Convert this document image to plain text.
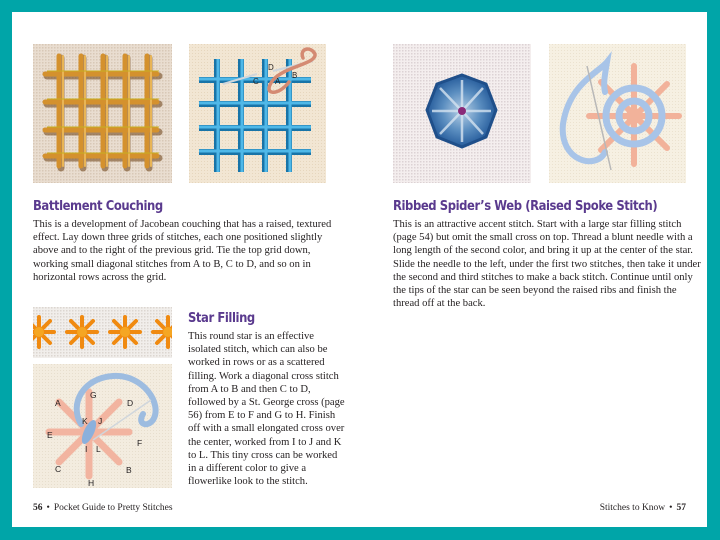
D
C A
B
Battlement Couching

This is a development of Jacobean couching that has a raised, textured effect. Lay down three grids of stitches, each one positioned slightly above and to the right of the previous grid. Tie the top grid down, working small diagonal stitches from A to B, C to D, and so on in horizontal rows across the grid.

G
A	D
K J
E
F
I L
C	B
H
Star Filling

This round star is an effective isolated stitch, which can also be worked in rows or as a scattered filling. Work a diagonal cross stitch from A to B and then C to D, followed by a St. George cross (page 56) from E to F and G to H. Finish off with a small elongated cross over the center, worked from I to J and K to L. This tiny cross can be worked in a different color to give a flowerlike look to the stitch.

56 • Pocket Guide to Pretty Stitches
Ribbed Spider’s Web (Raised Spoke Stitch)

This is an attractive accent stitch. Start with a large star filling stitch (page 54) but omit the small cross on top. Thread a blunt needle with a long length of the second color, and bring it up at the center of the star. Slide the needle to the left, under the first two stitches, then take it under the second and third stitches to make a back stitch. Continue until only the tips of the star can be seen beyond the raised ribs and finish the thread off at the back.

Stitches to Know • 57
